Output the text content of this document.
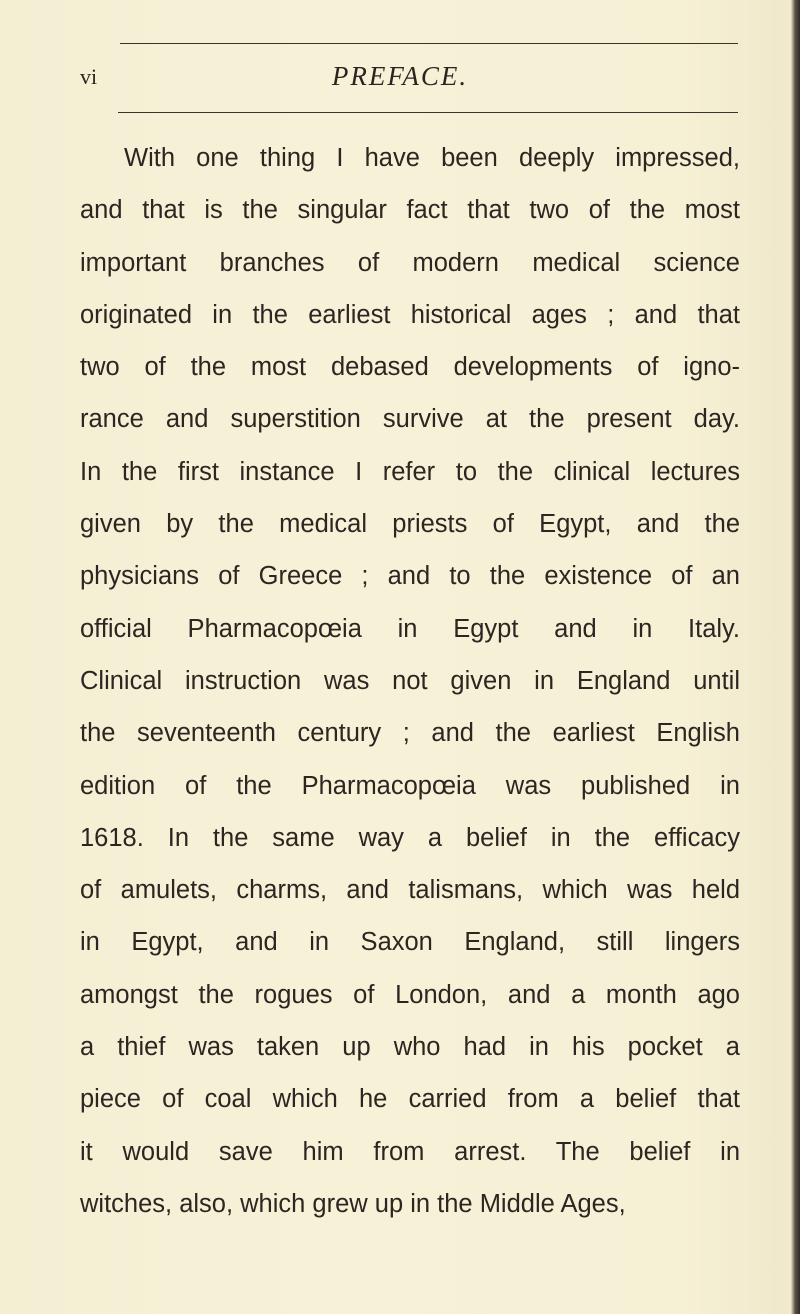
vi	PREFACE.
With one thing I have been deeply impressed,
and that is the singular fact that two of the most
important branches of modern medical science
originated in the earliest historical ages ; and that
two of the most debased developments of igno-
rance and superstition survive at the present day.
In the first instance I refer to the clinical lectures
given by the medical priests of Egypt, and the
physicians of Greece ; and to the existence of an
official Pharmacopœia in Egypt and in Italy.
Clinical instruction was not given in England until
the seventeenth century ; and the earliest English
edition of the Pharmacopœia was published in
1618. In the same way a belief in the efficacy
of amulets, charms, and talismans, which was held
in Egypt, and in Saxon England, still lingers
amongst the rogues of London, and a month ago
a thief was taken up who had in his pocket a
piece of coal which he carried from a belief that
it would save him from arrest. The belief in
witches, also, which grew up in the Middle Ages,
